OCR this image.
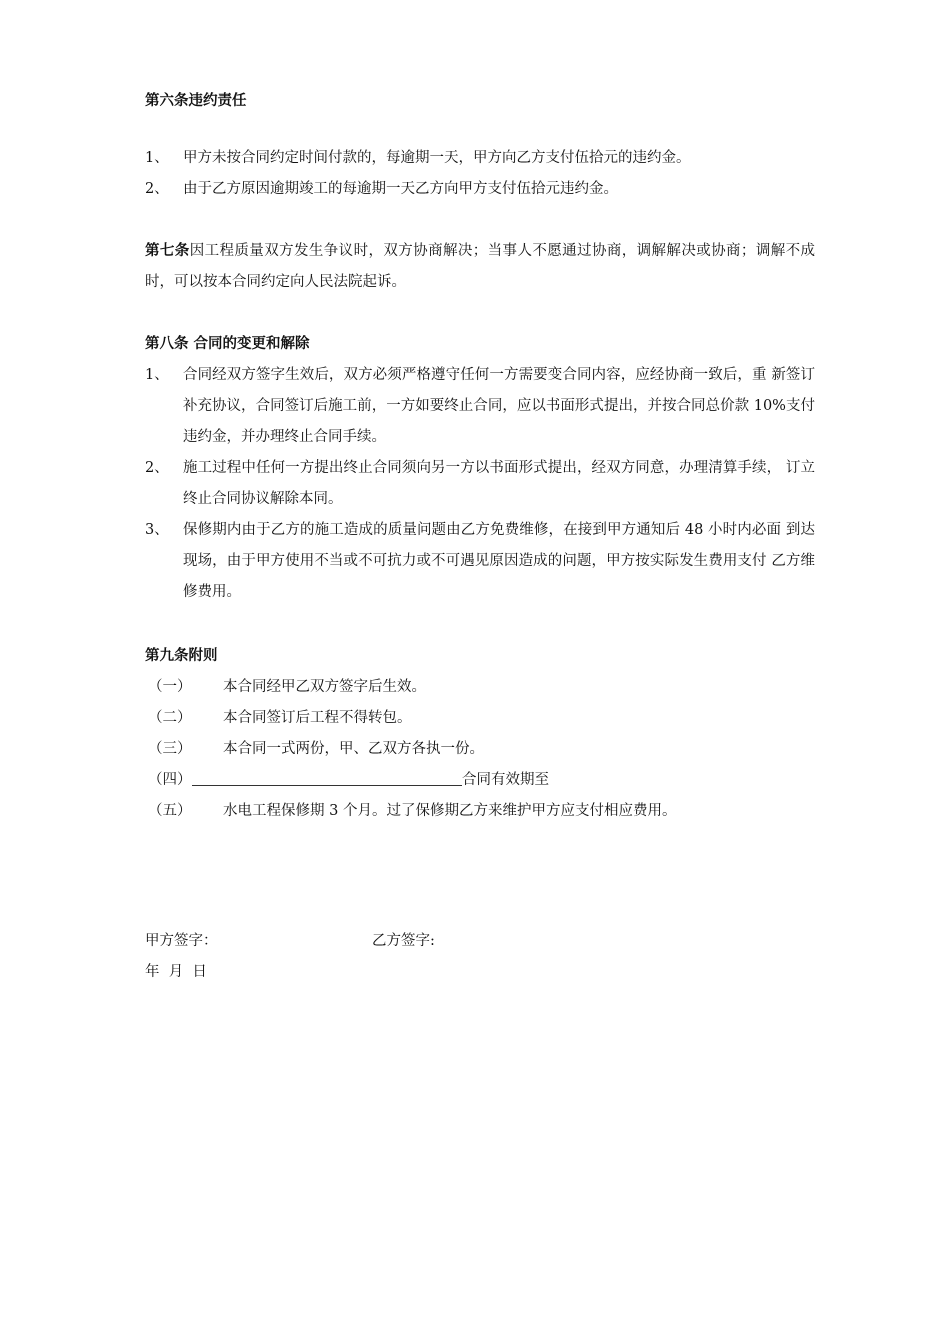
第六条违约责任
1、 甲方未按合同约定时间付款的，每逾期一天，甲方向乙方支付伍拾元的违约金。
2、 由于乙方原因逾期竣工的每逾期一天乙方向甲方支付伍拾元违约金。
第七条因工程质量双方发生争议时，双方协商解决；当事人不愿通过协商，调解解决或协商；调解不成时，可以按本合同约定向人民法院起诉。
第八条 合同的变更和解除
1、 合同经双方签字生效后，双方必须严格遵守任何一方需要变合同内容，应经协商一致后，重 新签订补充协议，合同签订后施工前，一方如要终止合同，应以书面形式提出，并按合同总价款 10%支付违约金，并办理终止合同手续。
2、 施工过程中任何一方提出终止合同须向另一方以书面形式提出，经双方同意，办理清算手续， 订立终止合同协议解除本同。
3、 保修期内由于乙方的施工造成的质量问题由乙方免费维修，在接到甲方通知后 48 小时内必面 到达现场，由于甲方使用不当或不可抗力或不可遇见原因造成的问题，甲方按实际发生费用支付 乙方维修费用。
第九条附则
（一）	本合同经甲乙双方签字后生效。
（二）	本合同签订后工程不得转包。
（三）	本合同一式两份，甲、乙双方各执一份。
（四）	合同有效期至
（五）	水电工程保修期 3 个月。过了保修期乙方来维护甲方应支付相应费用。
甲方签字：	乙方签字:
年  月  日
